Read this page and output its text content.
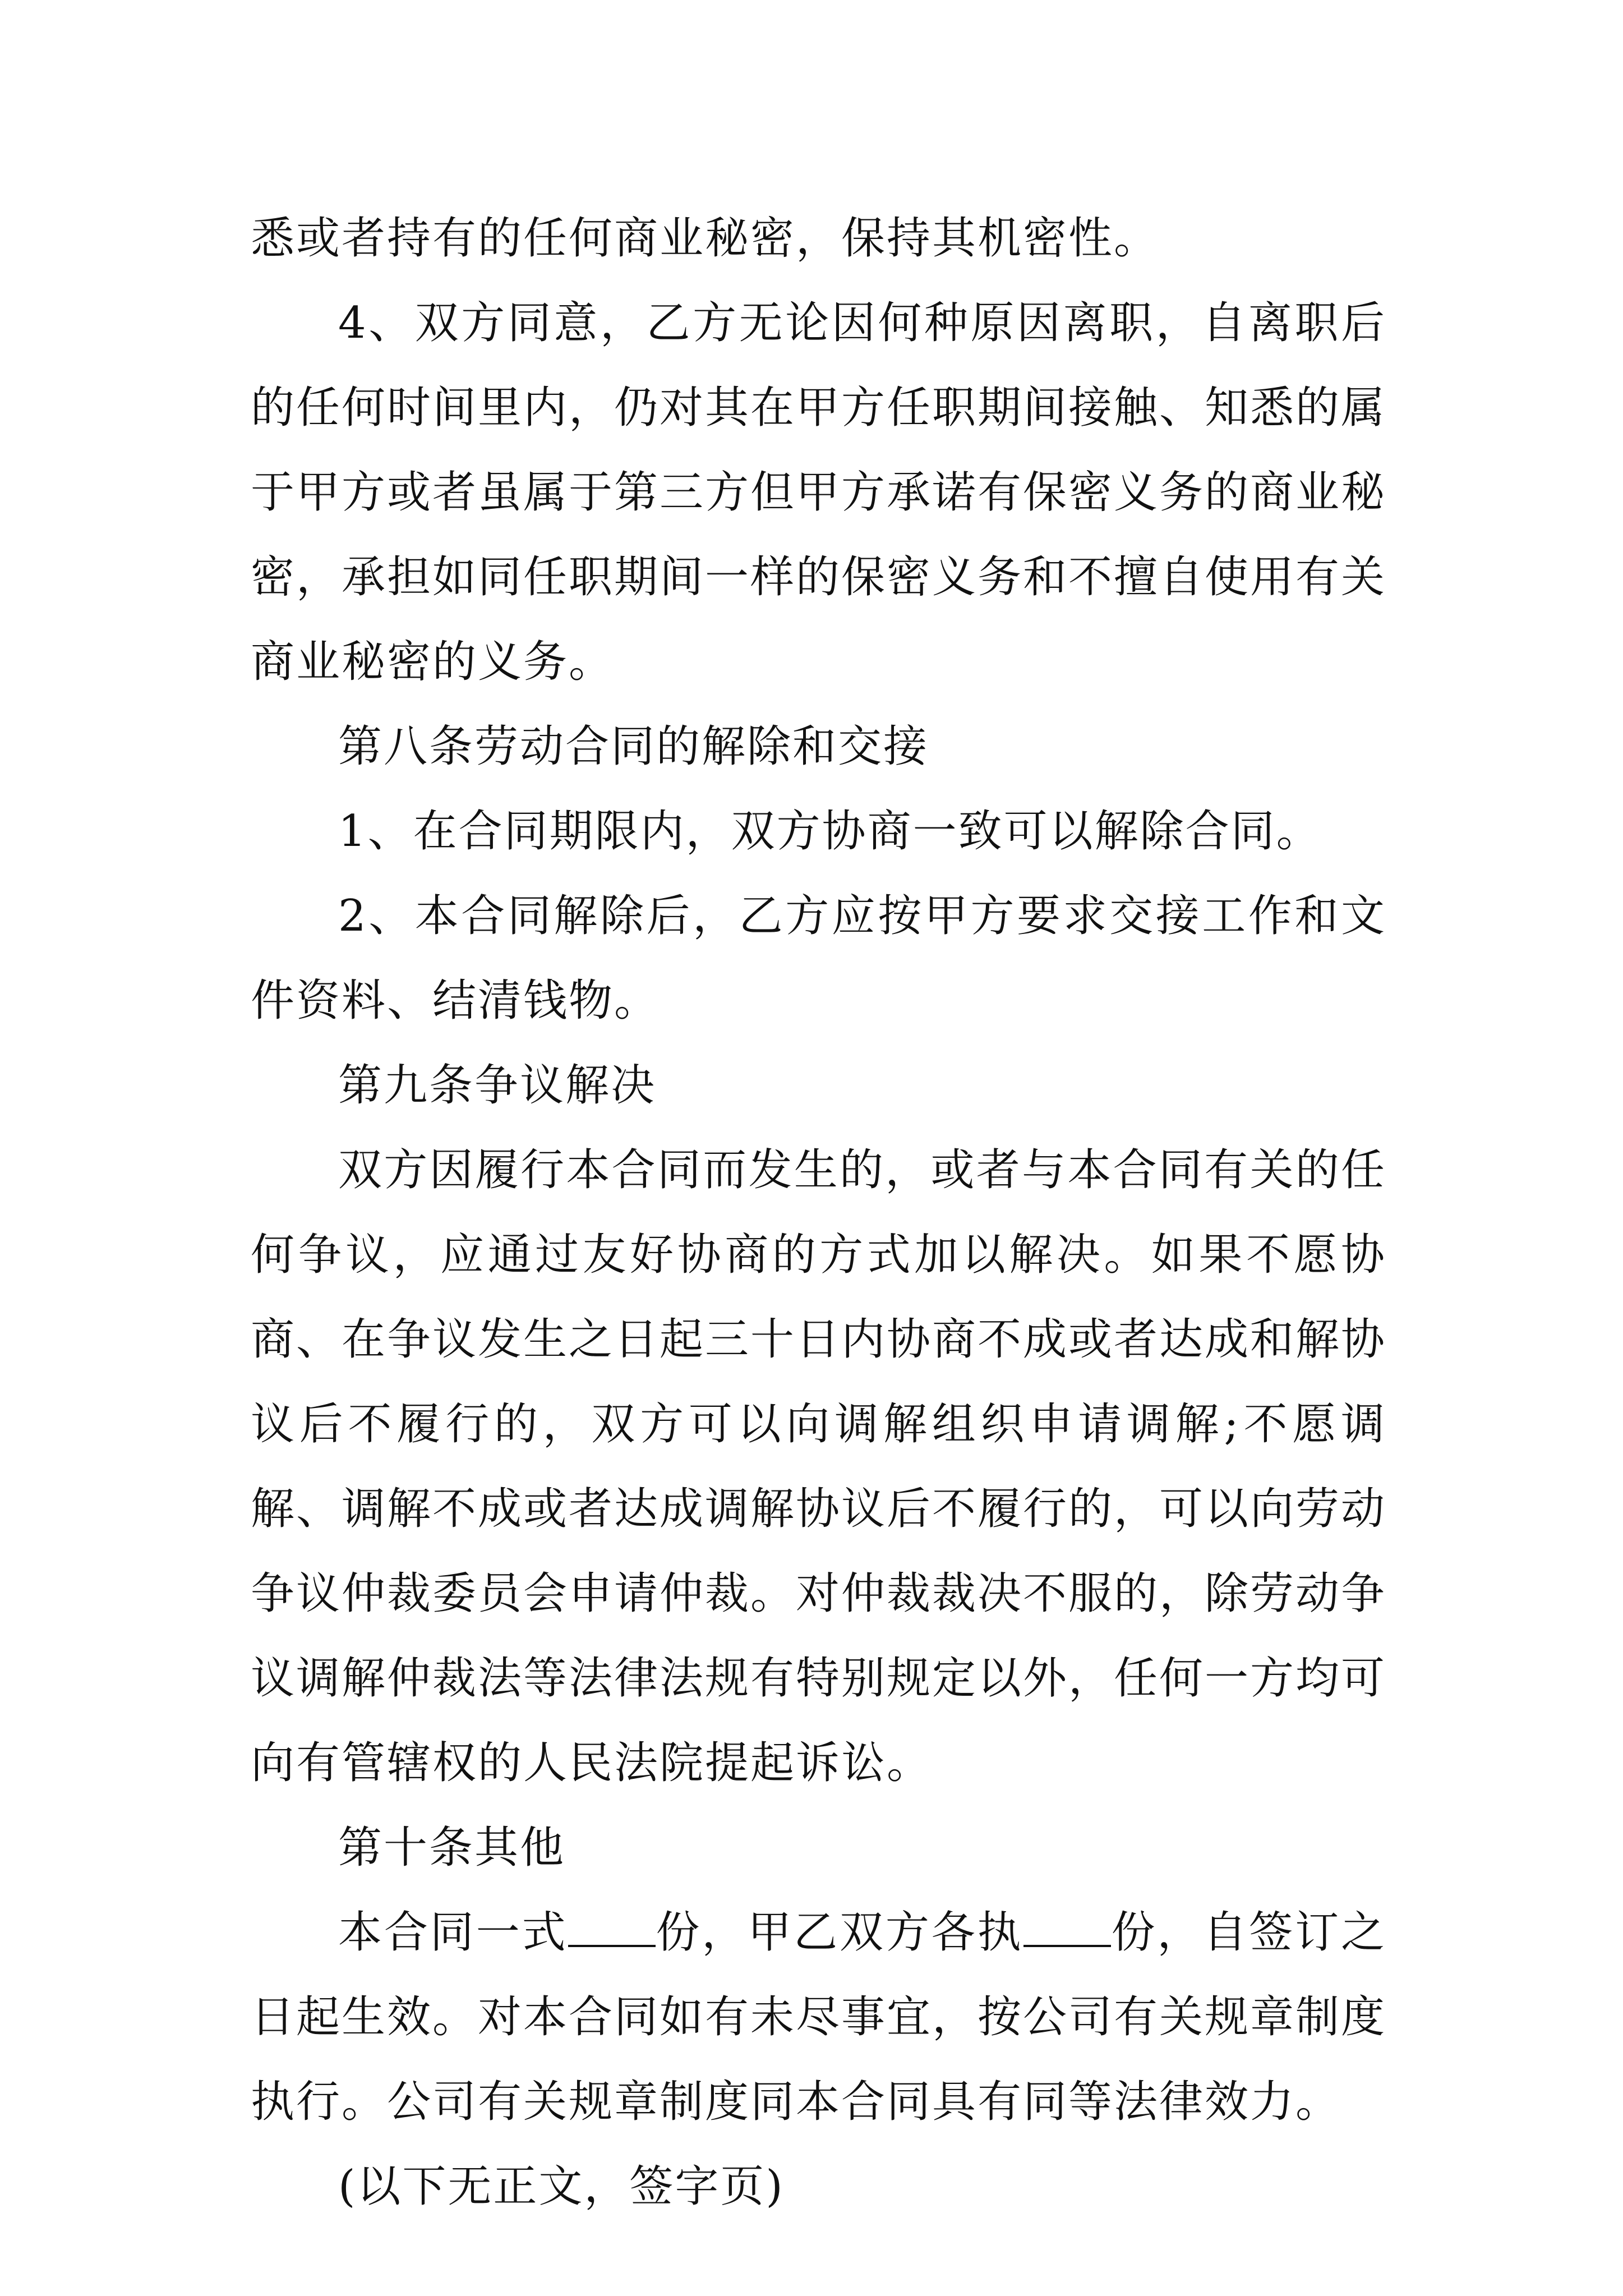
悉或者持有的任何商业秘密，保持其机密性。

4、双方同意，乙方无论因何种原因离职，自离职后的任何时间里内，仍对其在甲方任职期间接触、知悉的属于甲方或者虽属于第三方但甲方承诺有保密义务的商业秘密，承担如同任职期间一样的保密义务和不擅自使用有关商业秘密的义务。

第八条劳动合同的解除和交接

1、在合同期限内，双方协商一致可以解除合同。

2、本合同解除后，乙方应按甲方要求交接工作和文件资料、结清钱物。

第九条争议解决

双方因履行本合同而发生的，或者与本合同有关的任何争议，应通过友好协商的方式加以解决。如果不愿协商、在争议发生之日起三十日内协商不成或者达成和解协议后不履行的，双方可以向调解组织申请调解;不愿调解、调解不成或者达成调解协议后不履行的，可以向劳动争议仲裁委员会申请仲裁。对仲裁裁决不服的，除劳动争议调解仲裁法等法律法规有特别规定以外，任何一方均可向有管辖权的人民法院提起诉讼。

第十条其他

本合同一式 份，甲乙双方各执 份，自签订之日起生效。对本合同如有未尽事宜，按公司有关规章制度执行。公司有关规章制度同本合同具有同等法律效力。

(以下无正文，签字页)
